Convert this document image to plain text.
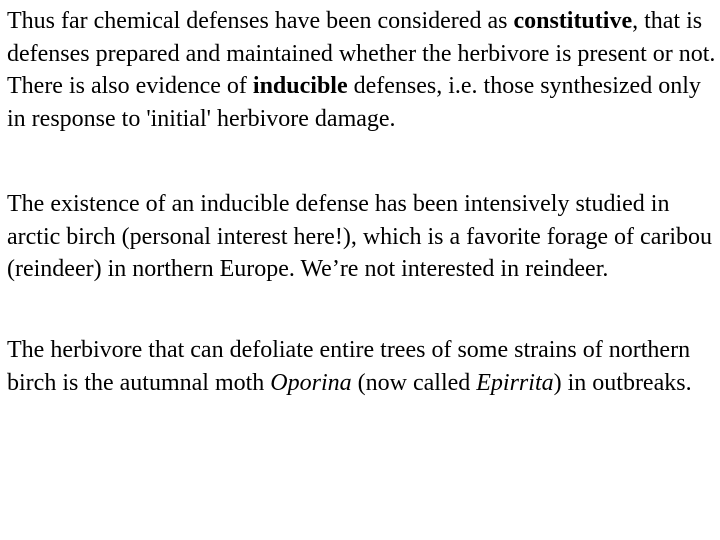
Thus far chemical defenses have been considered as constitutive, that is defenses prepared and maintained whether the herbivore is present or not. There is also evidence of inducible defenses, i.e. those synthesized only in response to 'initial' herbivore damage.

The existence of an inducible defense has been intensively studied in arctic birch (personal interest here!), which is a favorite forage of caribou (reindeer) in northern Europe. We’re not interested in reindeer.

The herbivore that can defoliate entire trees of some strains of northern birch is the autumnal moth Oporina (now called Epirrita) in outbreaks.
